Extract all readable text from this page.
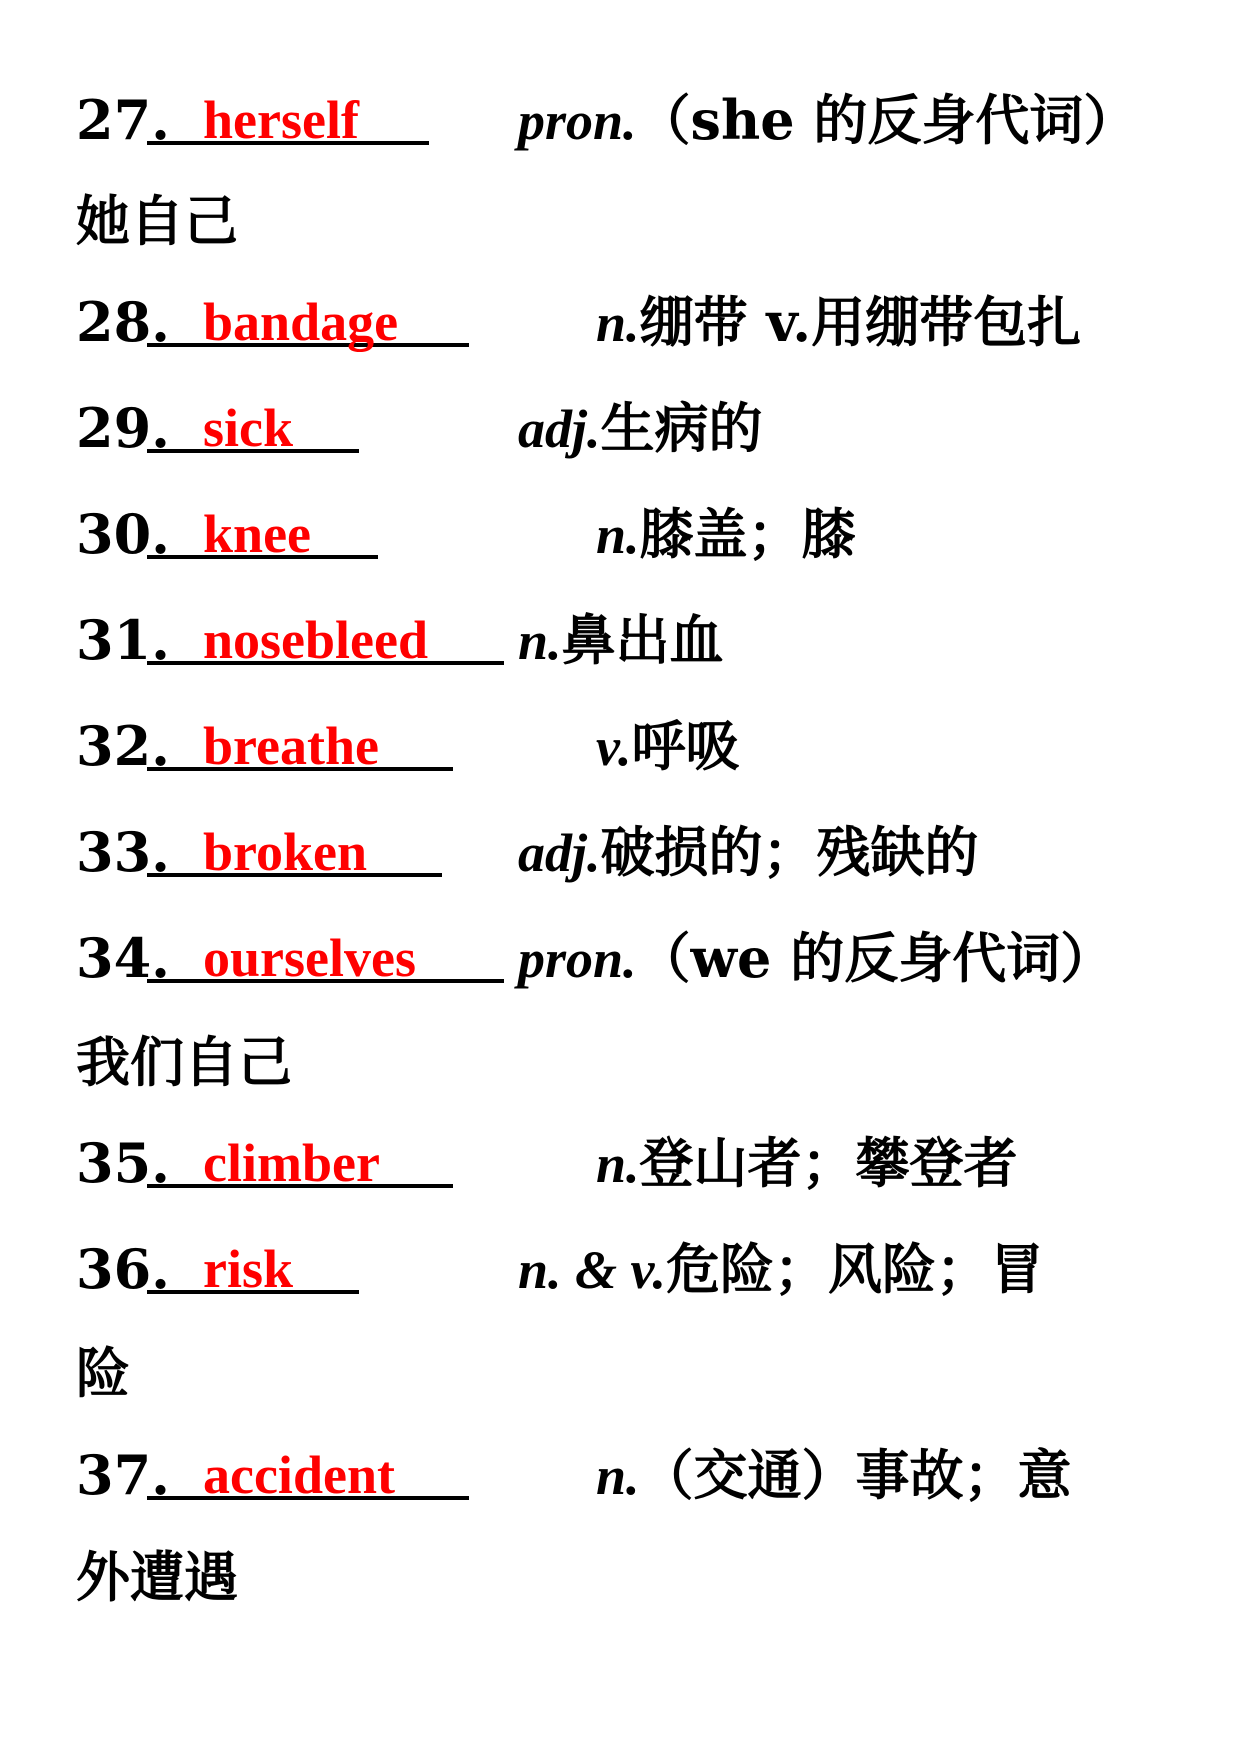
27. herself	pron.（she 的反身代词）
她自己
28. bandage	n.绷带 v.用绷带包扎
29. sick	adj.生病的
30. knee	n.膝盖；膝
31. nosebleed n.鼻出血
32. breathe	v.呼吸
33. broken	adj.破损的；残缺的
34. ourselves pron.（we 的反身代词）
我们自己
35. climber	n.登山者；攀登者
36. risk	n. & v.危险；风险；冒
险
37. accident	n.（交通）事故；意
外遭遇
